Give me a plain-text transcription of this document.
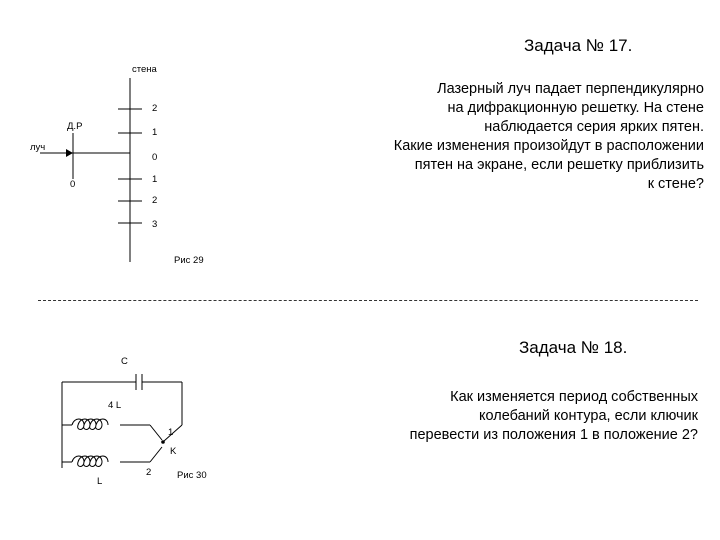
Задача № 17.
Лазерный луч падает перпендикулярно
на дифракционную решетку. На стене
наблюдается серия ярких пятен.
Какие изменения произойдут в расположении
пятен на экране, если решетку приблизить
к стене?
стена
Д.Р
луч
0
2
1
0
1
2
3
Рис 29
Задача № 18.
Как изменяется период собственных
колебаний контура, если ключик
перевести из положения 1 в положение 2?
C
4 L
L
1
K
2	Рис 30
